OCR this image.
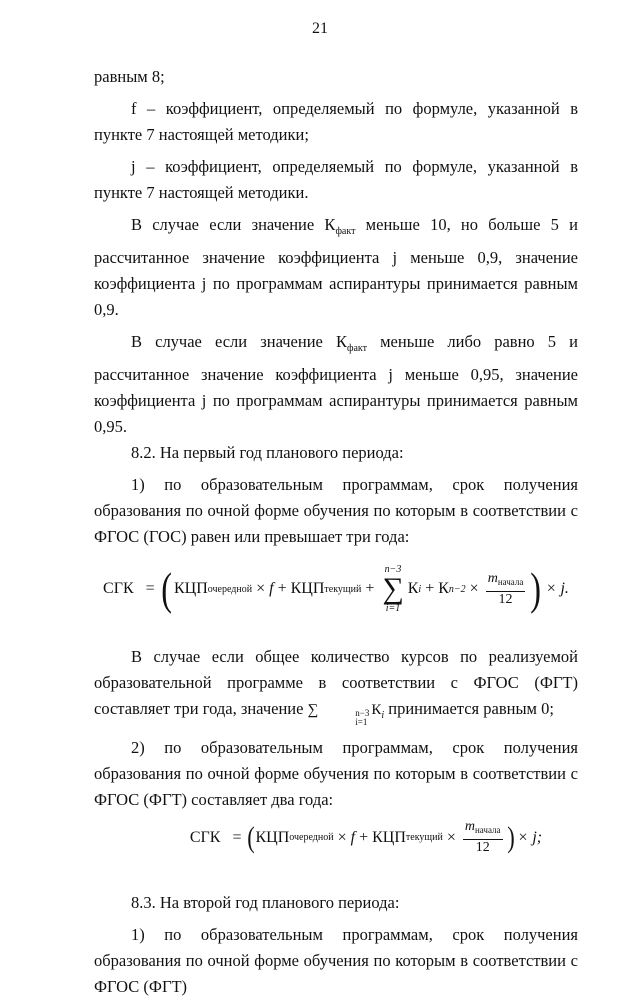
21

равным 8;

f – коэффициент, определяемый по формуле, указанной в пункте 7 настоящей методики;

j – коэффициент, определяемый по формуле, указанной в пункте 7 настоящей методики.

В случае если значение $К_{факт}$ меньше 10, но больше 5 и рассчитанное значение коэффициента j меньше 0,9, значение коэффициента j по программам аспирантуры принимается равным 0,9.

В случае если значение $К_{факт}$ меньше либо равно 5 и рассчитанное значение коэффициента j меньше 0,95, значение коэффициента j по программам аспирантуры принимается равным 0,95.

8.2. На первый год планового периода:

1) по образовательным программам, срок получения образования по очной форме обучения по которым в соответствии с ФГОС (ГОС) равен или превышает три года:

СГК = ( КЦП очередной × f + КЦП текущий +
n−3
∑
i=1
К i + К $n-2 \times \frac{m_{начала}}{12}$ ) × j.

В случае если общее количество курсов по реализуемой образовательной программе в соответствии с ФГОС (ФГТ) составляет три года, значение ∑	n−3
i=1
$К_i$ принимается равным 0;

2) по образовательным программам, срок получения образования по очной форме обучения по которым в соответствии с ФГОС (ФГТ) составляет два года:

СГК = ( КЦП очередной × f + КЦП текущий × $\frac{m_{начала}}{12}$ ) × j;

8.3. На второй год планового периода:

1) по образовательным программам, срок получения образования по очной форме обучения по которым в соответствии с ФГОС (ФГТ)
